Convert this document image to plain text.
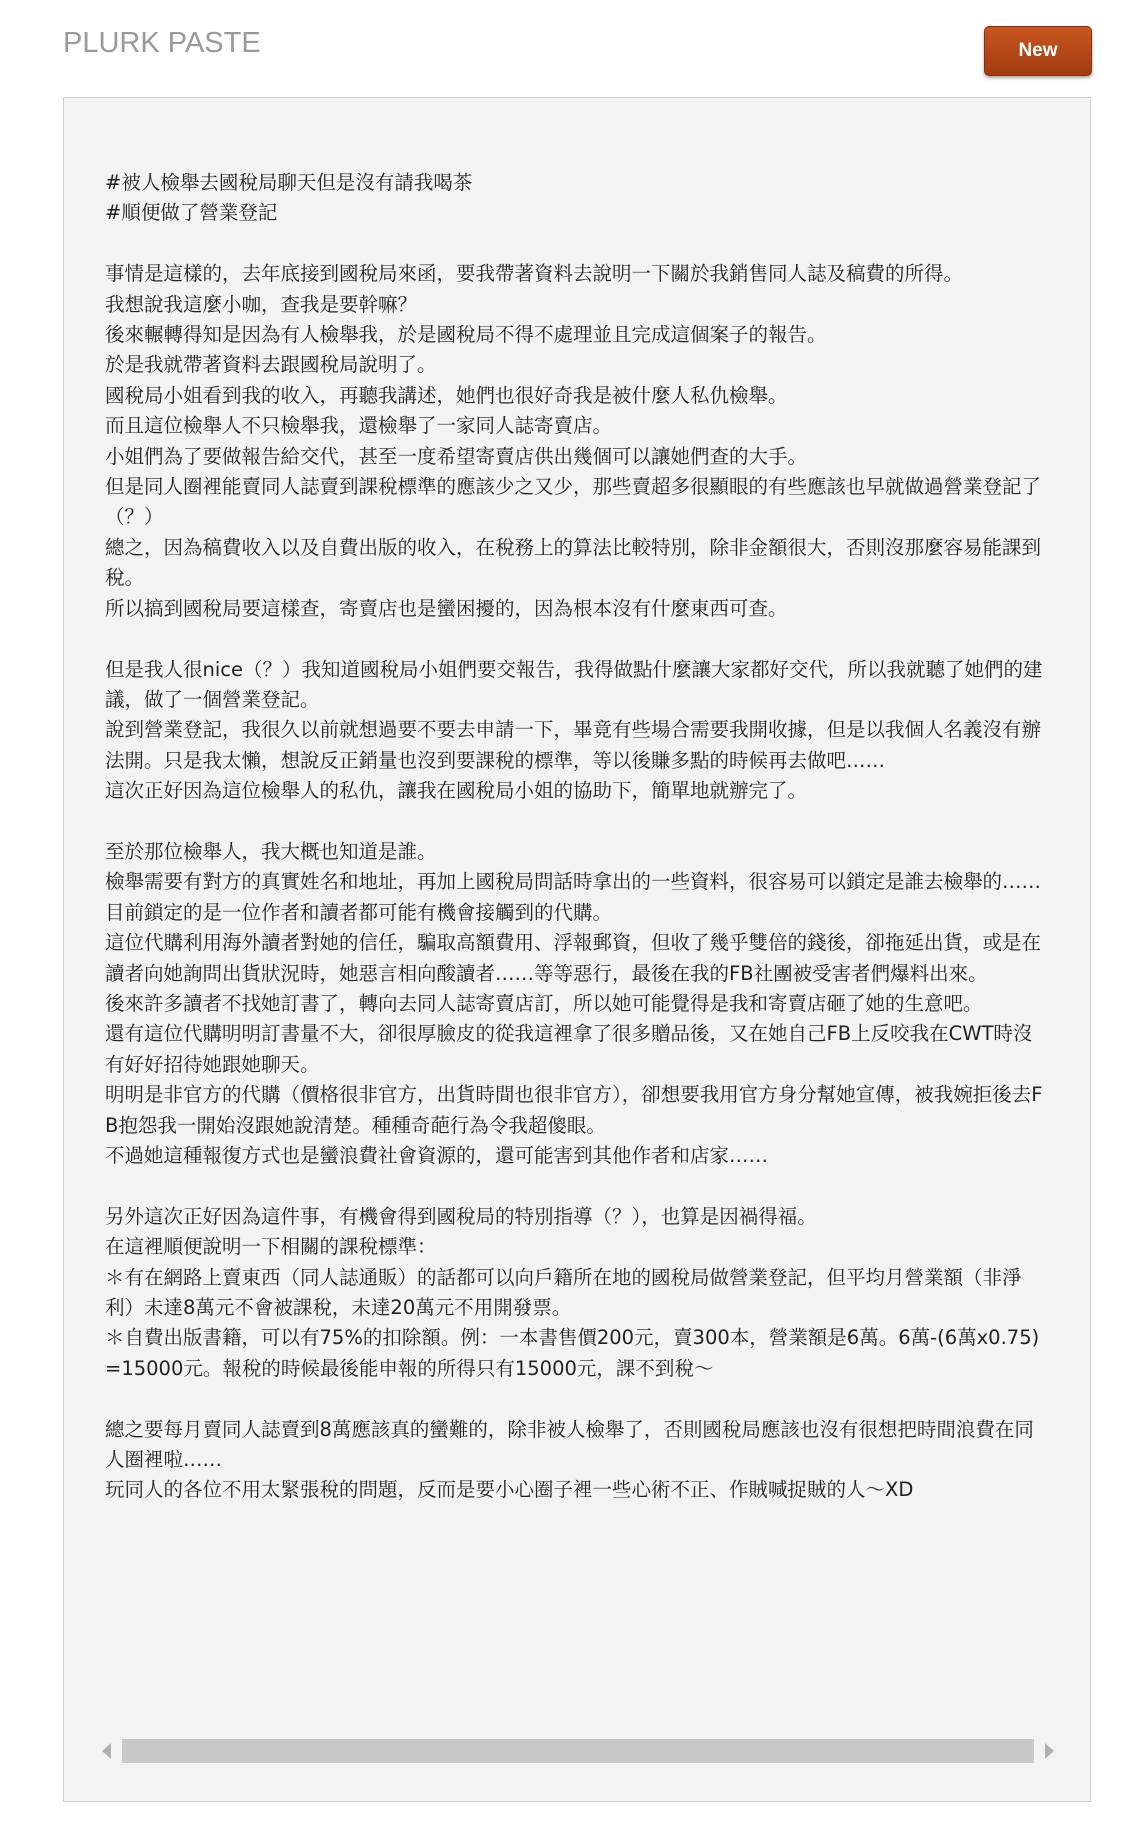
PLURK PASTE	New
#被人檢舉去國稅局聊天但是沒有請我喝茶
#順便做了營業登記

事情是這樣的，去年底接到國稅局來函，要我帶著資料去說明一下關於我銷售同人誌及稿費的所得。
我想說我這麼小咖，查我是要幹嘛？
後來輾轉得知是因為有人檢舉我，於是國稅局不得不處理並且完成這個案子的報告。
於是我就帶著資料去跟國稅局說明了。
國稅局小姐看到我的收入，再聽我講述，她們也很好奇我是被什麼人私仇檢舉。
而且這位檢舉人不只檢舉我，還檢舉了一家同人誌寄賣店。
小姐們為了要做報告給交代，甚至一度希望寄賣店供出幾個可以讓她們查的大手。
但是同人圈裡能賣同人誌賣到課稅標準的應該少之又少，那些賣超多很顯眼的有些應該也早就做過營業登記了（？）
總之，因為稿費收入以及自費出版的收入，在稅務上的算法比較特別，除非金額很大，否則沒那麼容易能課到稅。
所以搞到國稅局要這樣查，寄賣店也是蠻困擾的，因為根本沒有什麼東西可查。

但是我人很nice（？）我知道國稅局小姐們要交報告，我得做點什麼讓大家都好交代，所以我就聽了她們的建議，做了一個營業登記。
說到營業登記，我很久以前就想過要不要去申請一下，畢竟有些場合需要我開收據，但是以我個人名義沒有辦法開。只是我太懶，想說反正銷量也沒到要課稅的標準，等以後賺多點的時候再去做吧……
這次正好因為這位檢舉人的私仇，讓我在國稅局小姐的協助下，簡單地就辦完了。

至於那位檢舉人，我大概也知道是誰。
檢舉需要有對方的真實姓名和地址，再加上國稅局問話時拿出的一些資料，很容易可以鎖定是誰去檢舉的……
目前鎖定的是一位作者和讀者都可能有機會接觸到的代購。
這位代購利用海外讀者對她的信任，騙取高額費用、浮報郵資，但收了幾乎雙倍的錢後，卻拖延出貨，或是在讀者向她詢問出貨狀況時，她惡言相向酸讀者……等等惡行，最後在我的FB社團被受害者們爆料出來。
後來許多讀者不找她訂書了，轉向去同人誌寄賣店訂，所以她可能覺得是我和寄賣店砸了她的生意吧。
還有這位代購明明訂書量不大，卻很厚臉皮的從我這裡拿了很多贈品後，又在她自己FB上反咬我在CWT時沒有好好招待她跟她聊天。
明明是非官方的代購（價格很非官方，出貨時間也很非官方），卻想要我用官方身分幫她宣傳，被我婉拒後去FB抱怨我一開始沒跟她說清楚。種種奇葩行為令我超傻眼。
不過她這種報復方式也是蠻浪費社會資源的，還可能害到其他作者和店家……

另外這次正好因為這件事，有機會得到國稅局的特別指導（？），也算是因禍得福。
在這裡順便說明一下相關的課稅標準：
＊有在網路上賣東西（同人誌通販）的話都可以向戶籍所在地的國稅局做營業登記，但平均月營業額（非淨利）未達8萬元不會被課稅，未達20萬元不用開發票。
＊自費出版書籍，可以有75%的扣除額。例：一本書售價200元，賣300本，營業額是6萬。6萬-(6萬x0.75)=15000元。報稅的時候最後能申報的所得只有15000元，課不到稅～

總之要每月賣同人誌賣到8萬應該真的蠻難的，除非被人檢舉了，否則國稅局應該也沒有很想把時間浪費在同人圈裡啦……
玩同人的各位不用太緊張稅的問題，反而是要小心圈子裡一些心術不正、作賊喊捉賊的人～XD
